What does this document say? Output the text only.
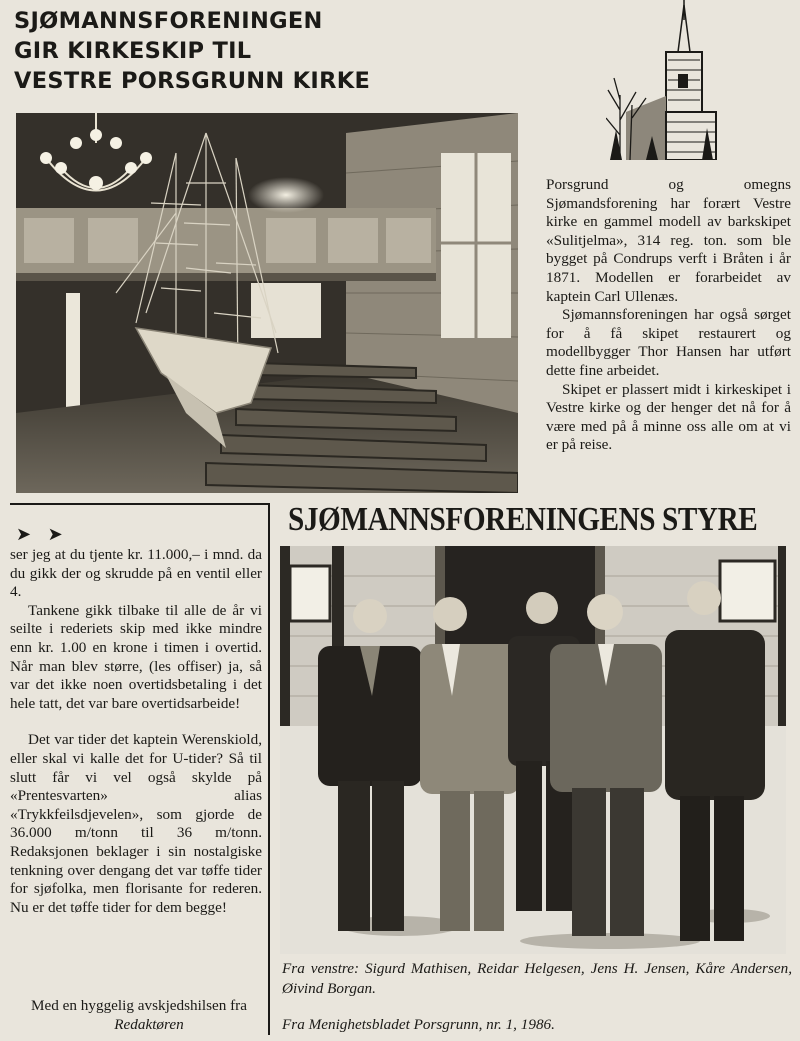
SJØMANNSFORENINGEN
GIR KIRKESKIP TIL
VESTRE PORSGRUNN KIRKE

Porsgrund og omegns Sjømandsforening har forært Vestre kirke en gammel modell av barkskipet «Sulitjelma», 314 reg. ton. som ble bygget på Condrups verft i Bråten i år 1871. Modellen er forarbeidet av kaptein Carl Ullenæs.

Sjømannsforeningen har også sørget for å få skipet restaurert og modellbygger Thor Hansen har utført dette fine arbeidet.

Skipet er plassert midt i kirkeskipet i Vestre kirke og der henger det nå for å være med på å minne oss alle om at vi er på reise.

➤ ➤

ser jeg at du tjente kr. 11.000,– i mnd. da du gikk der og skrudde på en ventil eller 4.

Tankene gikk tilbake til alle de år vi seilte i rederiets skip med ikke mindre enn kr. 1.00 en krone i timen i overtid. Når man blev større, (les offiser) ja, så var det ikke noen overtidsbetaling i det hele tatt, det var bare overtidsarbeide!

Det var tider det kaptein Werenskiold, eller skal vi kalle det for U-tider? Så til slutt får vi vel også skylde på «Prentesvarten» alias «Trykkfeilsdjevelen», som gjorde de 36.000 m/tonn til 36 m/tonn. Redaksjonen beklager i sin nostalgiske tenkning over dengang det var tøffe tider for sjøfolka, men florisante for rederen. Nu er det tøffe tider for dem begge!

Med en hyggelig avskjedshilsen fra
Redaktøren
SJØMANNSFORENINGENS STYRE
Fra venstre: Sigurd Mathisen, Reidar Helgesen, Jens H. Jensen, Kåre Andersen, Øivind Borgan.
Fra Menighetsbladet Porsgrunn, nr. 1, 1986.
